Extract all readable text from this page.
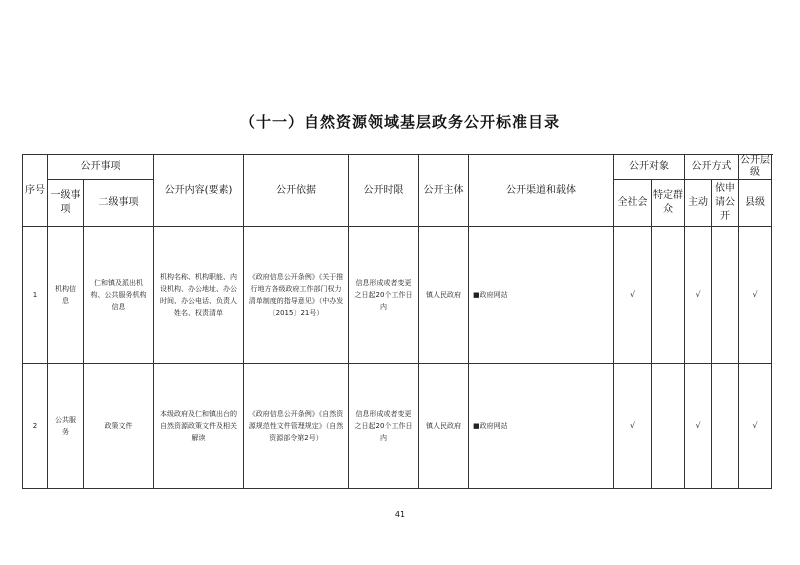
（十一）自然资源领域基层政务公开标准目录
序号	公开事项		公开内容(要素)	公开依据	公开时限	公开主体	公开渠道和载体	公开对象		公开方式		公开层级	
	一级事项	二级事项						全社会	特定群众	主动	依申请公开	县级	
1	机构信息	仁和镇及派出机构、公共服务机构信息	机构名称、机构职能、内设机构、办公地址、办公时间、办公电话、负责人姓名、权责清单	《政府信息公开条例》《关于推行地方各级政府工作部门权力清单制度的指导意见》（中办发〔2015〕21号）	信息形成或者变更之日起20个工作日内	镇人民政府	■政府网站	√		√		√	
2	公共服务	政策文件	本级政府及仁和镇出台的自然资源政策文件及相关解读	《政府信息公开条例》《自然资源规范性文件管理规定》（自然资源部令第2号）	信息形成或者变更之日起20个工作日内	镇人民政府	■政府网站	√		√		√	
41
